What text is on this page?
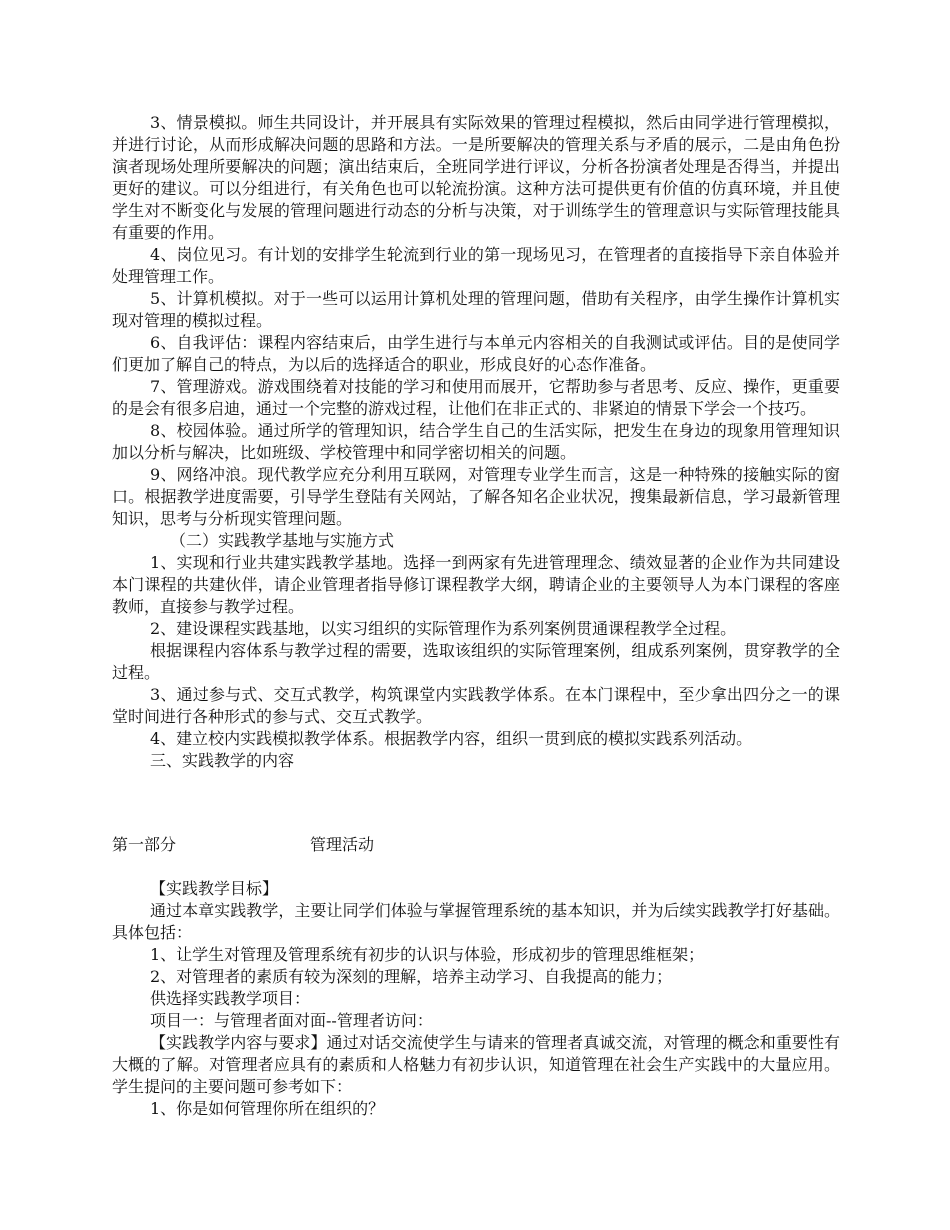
3、情景模拟。师生共同设计，并开展具有实际效果的管理过程模拟，然后由同学进行管理模拟，并进行讨论，从而形成解决问题的思路和方法。一是所要解决的管理关系与矛盾的展示，二是由角色扮演者现场处理所要解决的问题；演出结束后，全班同学进行评议，分析各扮演者处理是否得当，并提出更好的建议。可以分组进行，有关角色也可以轮流扮演。这种方法可提供更有价值的仿真环境，并且使学生对不断变化与发展的管理问题进行动态的分析与决策，对于训练学生的管理意识与实际管理技能具有重要的作用。

4、岗位见习。有计划的安排学生轮流到行业的第一现场见习，在管理者的直接指导下亲自体验并处理管理工作。

5、计算机模拟。对于一些可以运用计算机处理的管理问题，借助有关程序，由学生操作计算机实现对管理的模拟过程。

6、自我评估：课程内容结束后，由学生进行与本单元内容相关的自我测试或评估。目的是使同学们更加了解自己的特点，为以后的选择适合的职业，形成良好的心态作准备。

7、管理游戏。游戏围绕着对技能的学习和使用而展开，它帮助参与者思考、反应、操作，更重要的是会有很多启迪，通过一个完整的游戏过程，让他们在非正式的、非紧迫的情景下学会一个技巧。

8、校园体验。通过所学的管理知识，结合学生自己的生活实际，把发生在身边的现象用管理知识加以分析与解决，比如班级、学校管理中和同学密切相关的问题。

9、网络冲浪。现代教学应充分利用互联网，对管理专业学生而言，这是一种特殊的接触实际的窗口。根据教学进度需要，引导学生登陆有关网站，了解各知名企业状况，搜集最新信息，学习最新管理知识，思考与分析现实管理问题。

（二）实践教学基地与实施方式

1、实现和行业共建实践教学基地。选择一到两家有先进管理理念、绩效显著的企业作为共同建设本门课程的共建伙伴，请企业管理者指导修订课程教学大纲，聘请企业的主要领导人为本门课程的客座教师，直接参与教学过程。

2、建设课程实践基地，以实习组织的实际管理作为系列案例贯通课程教学全过程。

根据课程内容体系与教学过程的需要，选取该组织的实际管理案例，组成系列案例，贯穿教学的全过程。

3、通过参与式、交互式教学，构筑课堂内实践教学体系。在本门课程中，至少拿出四分之一的课堂时间进行各种形式的参与式、交互式教学。

4、建立校内实践模拟教学体系。根据教学内容，组织一贯到底的模拟实践系列活动。

三、实践教学的内容

第一部分	管理活动

【实践教学目标】

通过本章实践教学，主要让同学们体验与掌握管理系统的基本知识，并为后续实践教学打好基础。具体包括：

1、让学生对管理及管理系统有初步的认识与体验，形成初步的管理思维框架；

2、对管理者的素质有较为深刻的理解，培养主动学习、自我提高的能力；

供选择实践教学项目：

项目一：与管理者面对面--管理者访问：

【实践教学内容与要求】通过对话交流使学生与请来的管理者真诚交流，对管理的概念和重要性有大概的了解。对管理者应具有的素质和人格魅力有初步认识，知道管理在社会生产实践中的大量应用。学生提问的主要问题可参考如下：

1、你是如何管理你所在组织的？
